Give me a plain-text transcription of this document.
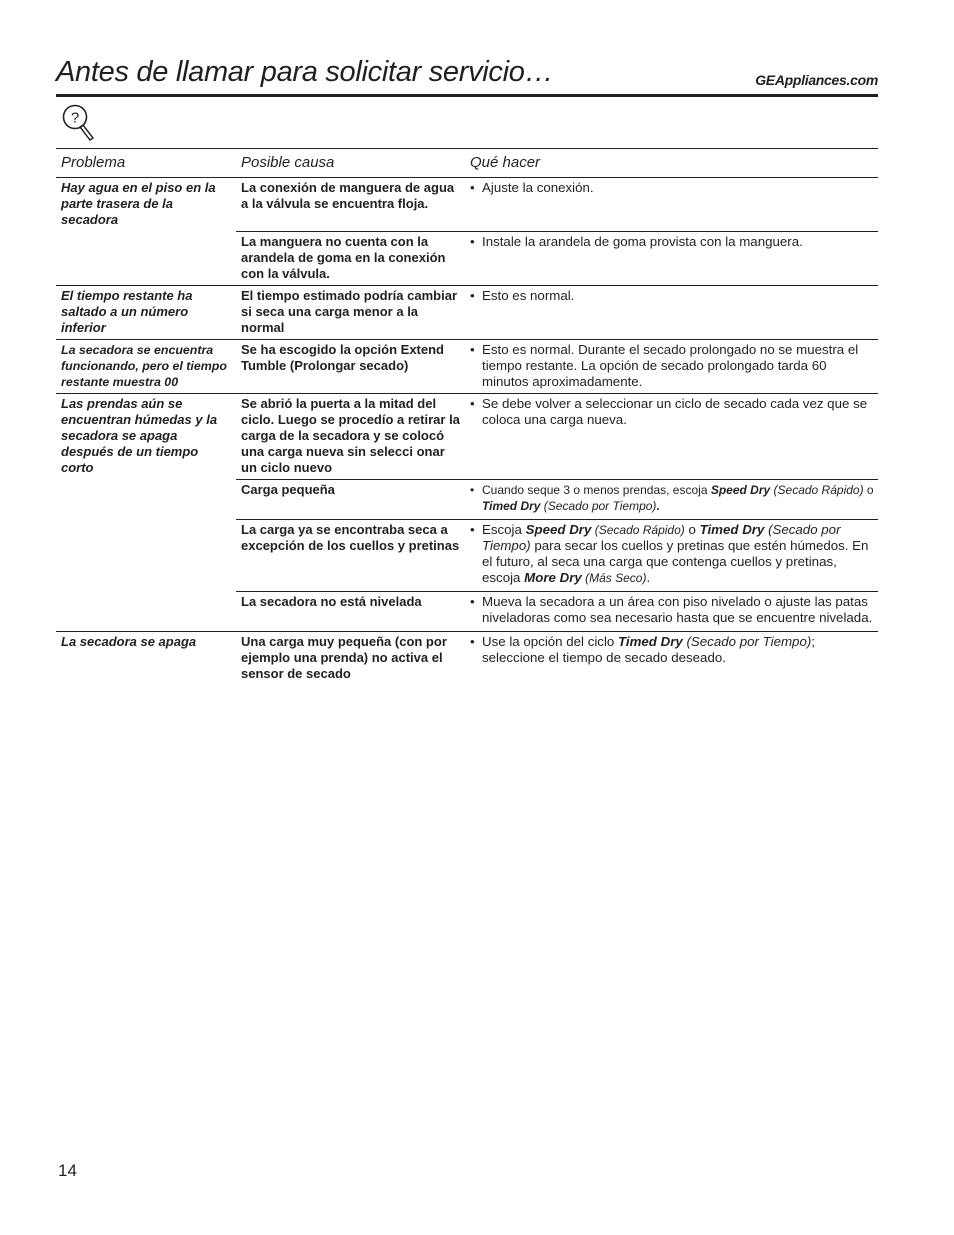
Antes de llamar para solicitar servicio…	GEAppliances.com
?
Problema	Posible causa	Qué hacer
Hay agua en el piso en la parte trasera de la secadora	La conexión de manguera de agua a la válvula se encuentra floja.	• Ajuste la conexión.

	La manguera no cuenta con la arandela de goma en la conexión con la válvula.	• Instale la arandela de goma provista con la manguera.

El tiempo restante ha saltado a un número inferior	El tiempo estimado podría cambiar si seca una carga menor a la normal	• Esto es normal.

La secadora se encuentra funcionando, pero el tiempo restante muestra 00	Se ha escogido la opción Extend Tumble (Prolongar secado)	• Esto es normal. Durante el secado prolongado no se muestra el tiempo restante. La opción de secado prolongado tarda 60 minutos aproximadamente.

Las prendas aún se encuentran húmedas y la secadora se apaga después de un tiempo corto	Se abrió la puerta a la mitad del ciclo. Luego se procedío a retirar la carga de la secadora y se colocó una carga nueva sin selecci onar un ciclo nuevo	• Se debe volver a seleccionar un ciclo de secado cada vez que se coloca una carga nueva.

	Carga pequeña	• Cuando seque 3 o menos prendas, escoja Speed Dry (Secado Rápido) o Timed Dry (Secado por Tiempo).

	La carga ya se encontraba seca a excepción de los cuellos y pretinas	• Escoja Speed Dry (Secado Rápido) o Timed Dry (Secado por Tiempo) para secar los cuellos y pretinas que estén húmedos. En el futuro, al seca una carga que contenga cuellos y pretinas, escoja More Dry (Más Seco).

	La secadora no está nivelada	• Mueva la secadora a un área con piso nivelado o ajuste las patas niveladoras como sea necesario hasta que se encuentre nivelada.

La secadora se apaga	Una carga muy pequeña (con por ejemplo una prenda) no activa el sensor de secado	• Use la opción del ciclo Timed Dry (Secado por Tiempo); seleccione el tiempo de secado deseado.
14
